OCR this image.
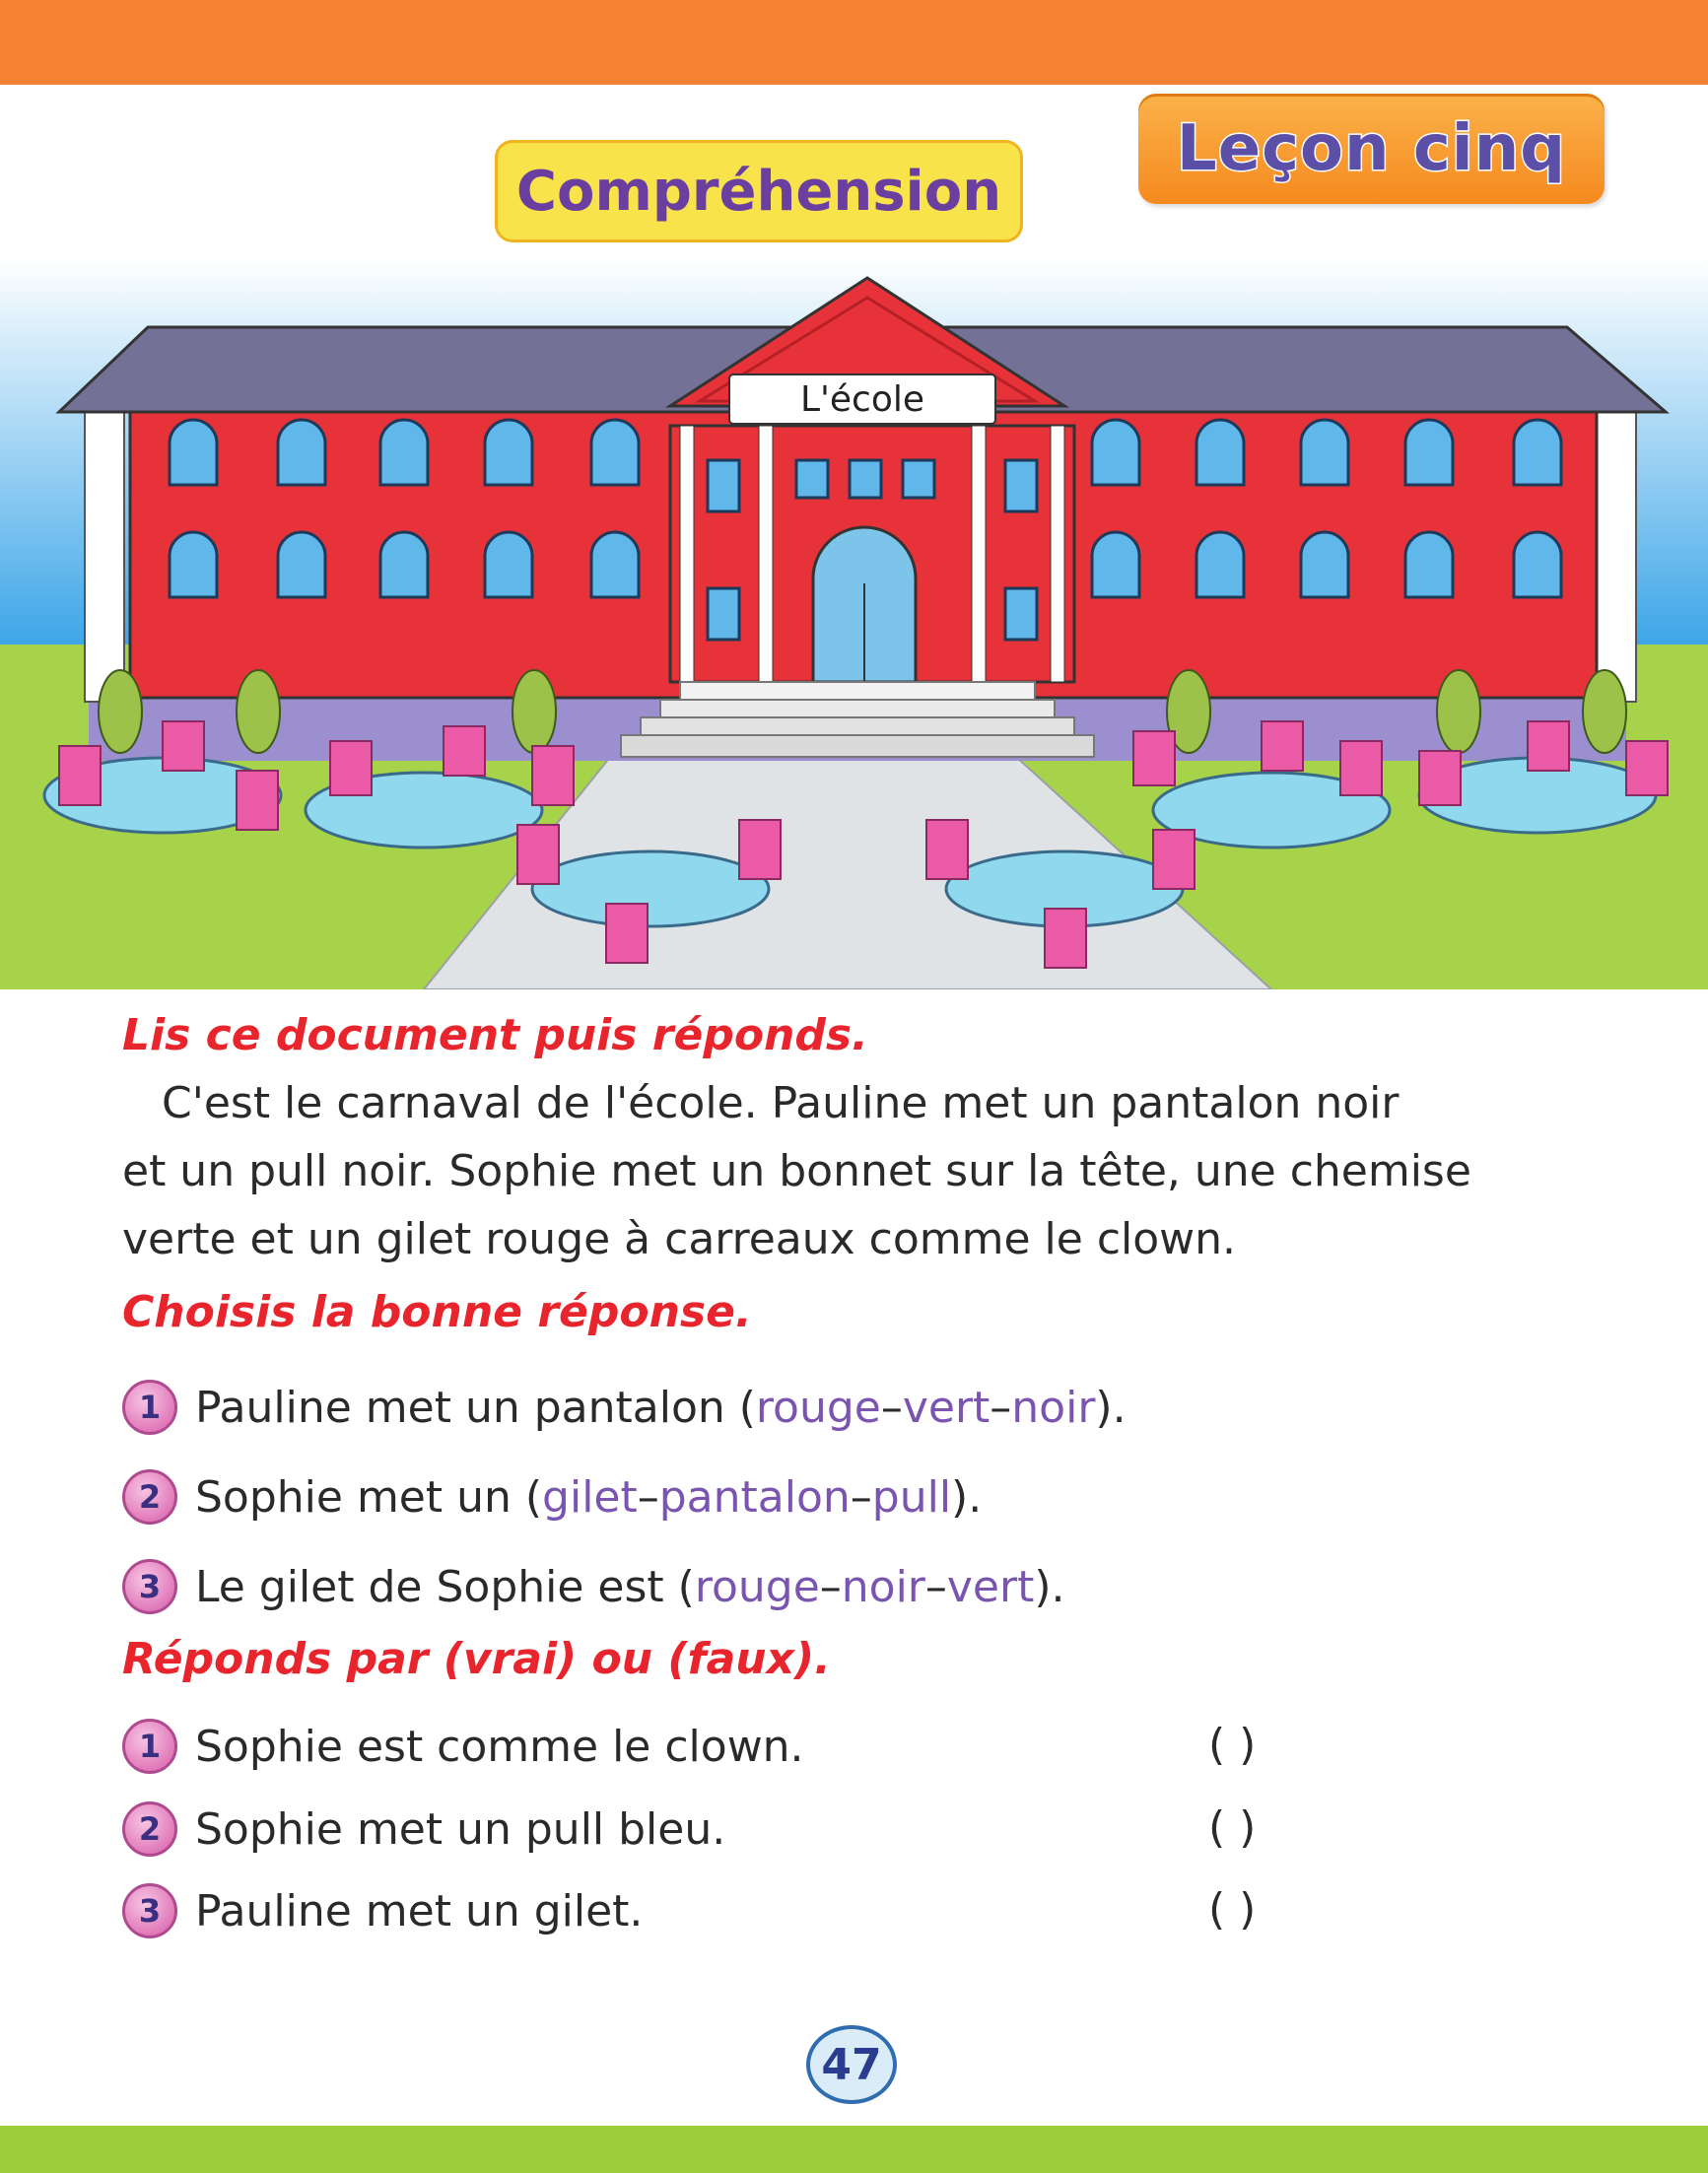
Leçon cinq
Compréhension
L'école
Lis ce document puis réponds.
C'est le carnaval de l'école. Pauline met un pantalon noir
et un pull noir. Sophie met un bonnet sur la tête, une chemise
verte et un gilet rouge à carreaux comme le clown.
Choisis la bonne réponse.
1 Pauline met un pantalon ( rouge – vert – noir ).
2 Sophie met un ( gilet – pantalon – pull ).
3 Le gilet de Sophie est ( rouge – noir – vert ).
Réponds par (vrai) ou (faux).
1 Sophie est comme le clown.	( )
2 Sophie met un pull bleu.	( )
3 Pauline met un gilet.	( )
47
